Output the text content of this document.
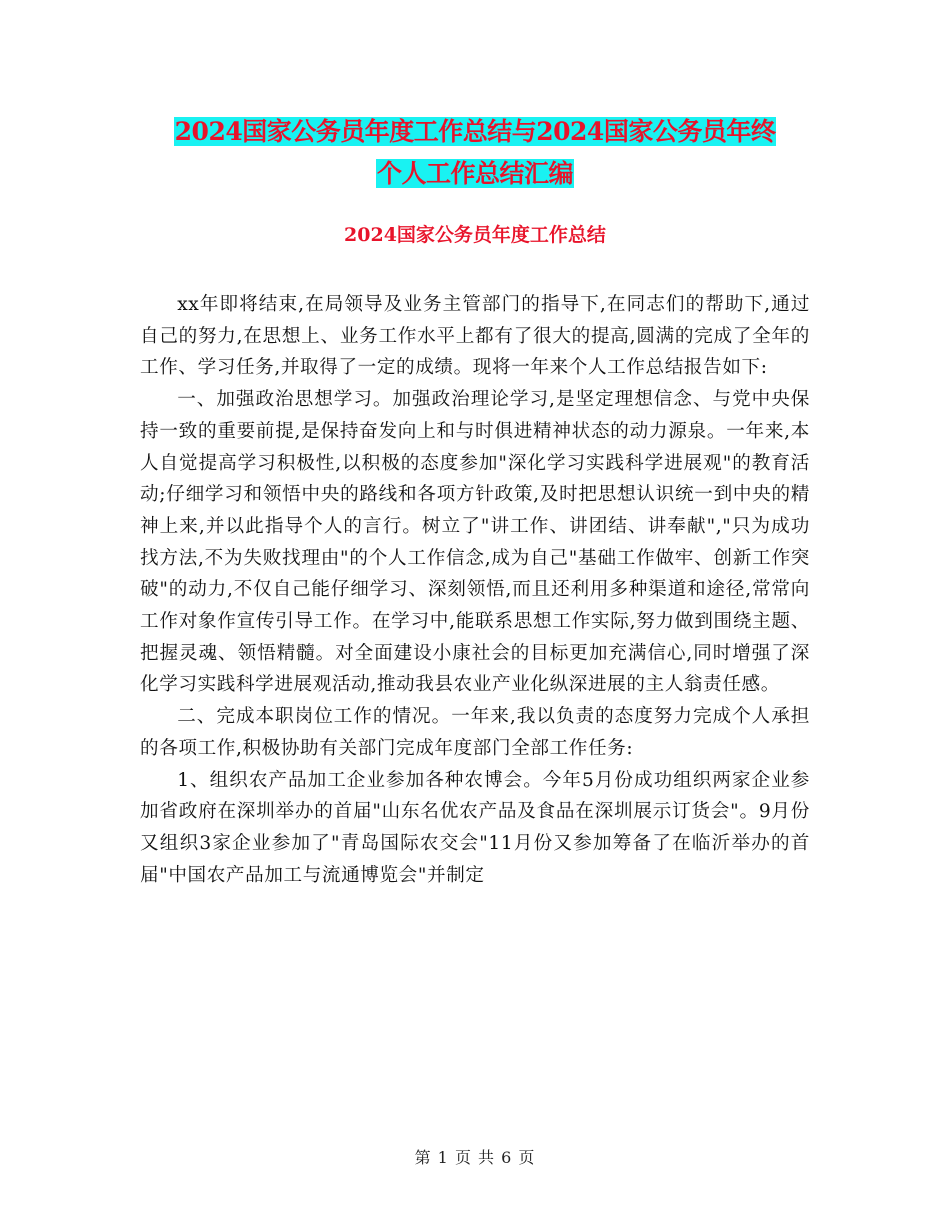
2024国家公务员年度工作总结与2024国家公务员年终
个人工作总结汇编
2024国家公务员年度工作总结

xx年即将结束,在局领导及业务主管部门的指导下,在同志们的帮助下,通过自己的努力,在思想上、业务工作水平上都有了很大的提高,圆满的完成了全年的工作、学习任务,并取得了一定的成绩。现将一年来个人工作总结报告如下:

一、加强政治思想学习。加强政治理论学习,是坚定理想信念、与党中央保持一致的重要前提,是保持奋发向上和与时俱进精神状态的动力源泉。一年来,本人自觉提高学习积极性,以积极的态度参加"深化学习实践科学进展观"的教育活动;仔细学习和领悟中央的路线和各项方针政策,及时把思想认识统一到中央的精神上来,并以此指导个人的言行。树立了"讲工作、讲团结、讲奉献","只为成功找方法,不为失败找理由"的个人工作信念,成为自己"基础工作做牢、创新工作突破"的动力,不仅自己能仔细学习、深刻领悟,而且还利用多种渠道和途径,常常向工作对象作宣传引导工作。在学习中,能联系思想工作实际,努力做到围绕主题、把握灵魂、领悟精髓。对全面建设小康社会的目标更加充满信心,同时增强了深化学习实践科学进展观活动,推动我县农业产业化纵深进展的主人翁责任感。

二、完成本职岗位工作的情况。一年来,我以负责的态度努力完成个人承担的各项工作,积极协助有关部门完成年度部门全部工作任务:

1、组织农产品加工企业参加各种农博会。今年5月份成功组织两家企业参加省政府在深圳举办的首届"山东名优农产品及食品在深圳展示订货会"。9月份又组织3家企业参加了"青岛国际农交会"11月份又参加筹备了在临沂举办的首届"中国农产品加工与流通博览会"并制定

第 1 页 共 6 页
